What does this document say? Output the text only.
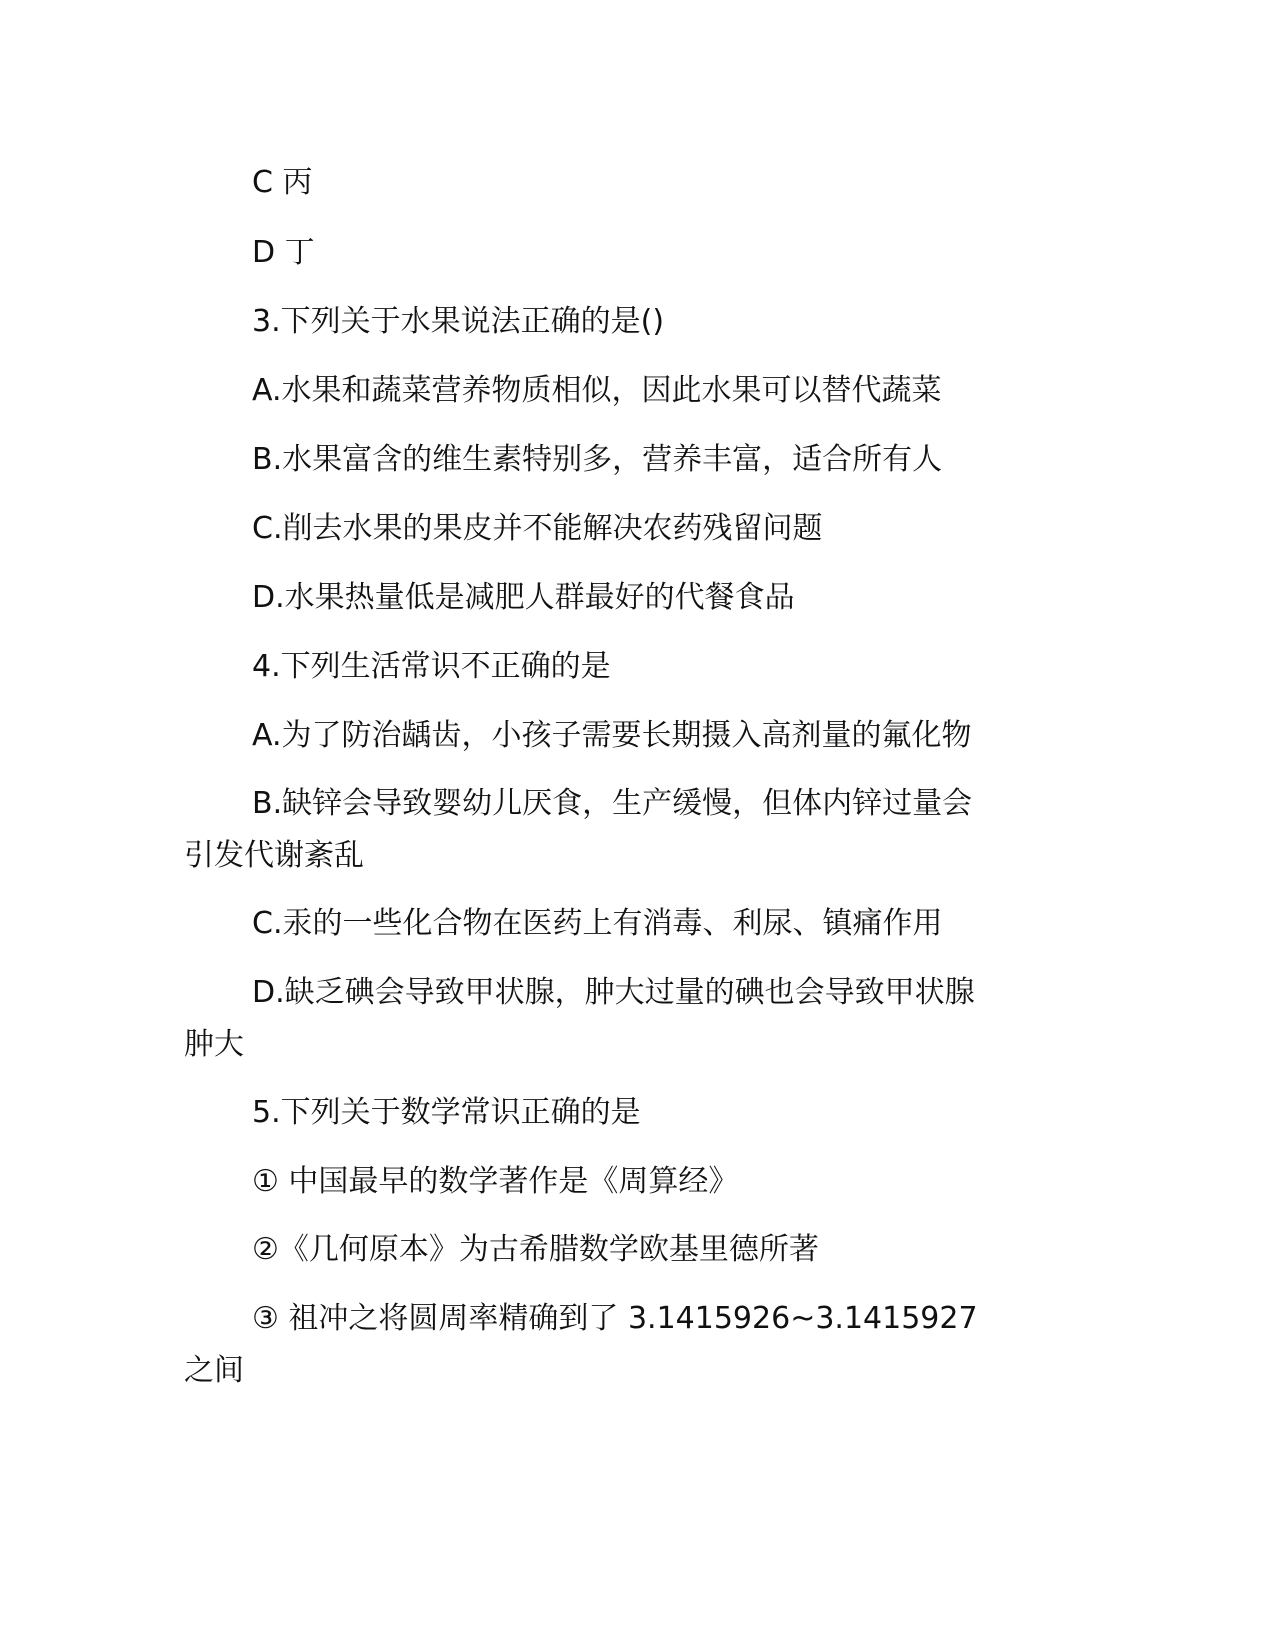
C 丙
D 丁
3.下列关于水果说法正确的是()
A.水果和蔬菜营养物质相似，因此水果可以替代蔬菜
B.水果富含的维生素特别多，营养丰富，适合所有人
C.削去水果的果皮并不能解决农药残留问题
D.水果热量低是减肥人群最好的代餐食品
4.下列生活常识不正确的是
A.为了防治龋齿，小孩子需要长期摄入高剂量的氟化物
B.缺锌会导致婴幼儿厌食，生产缓慢，但体内锌过量会
引发代谢紊乱
C.汞的一些化合物在医药上有消毒、利尿、镇痛作用
D.缺乏碘会导致甲状腺，肿大过量的碘也会导致甲状腺
肿大
5.下列关于数学常识正确的是
① 中国最早的数学著作是《周算经》
②《几何原本》为古希腊数学欧基里德所著
③ 祖冲之将圆周率精确到了 3.1415926~3.1415927
之间
